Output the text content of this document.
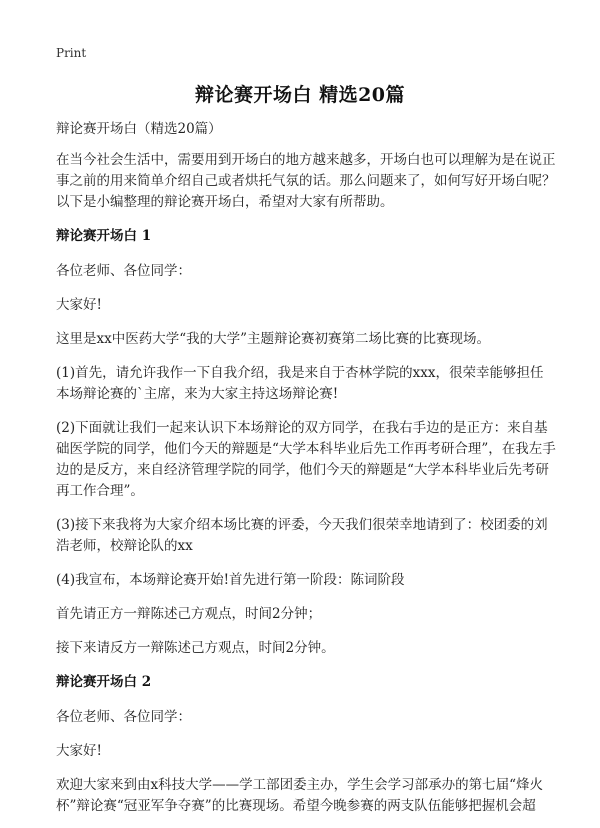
Print
辩论赛开场白 精选20篇

辩论赛开场白（精选20篇）

在当今社会生活中，需要用到开场白的地方越来越多，开场白也可以理解为是在说正事之前的用来简单介绍自己或者烘托气氛的话。那么问题来了，如何写好开场白呢？以下是小编整理的辩论赛开场白，希望对大家有所帮助。

辩论赛开场白 1

各位老师、各位同学：

大家好!

这里是xx中医药大学“我的大学”主题辩论赛初赛第二场比赛的比赛现场。

(1)首先，请允许我作一下自我介绍，我是来自于杏林学院的xxx，很荣幸能够担任本场辩论赛的`主席，来为大家主持这场辩论赛!

(2)下面就让我们一起来认识下本场辩论的双方同学，在我右手边的是正方：来自基础医学院的同学，他们今天的辩题是“大学本科毕业后先工作再考研合理”，在我左手边的是反方，来自经济管理学院的同学，他们今天的辩题是“大学本科毕业后先考研再工作合理”。

(3)接下来我将为大家介绍本场比赛的评委，今天我们很荣幸地请到了：校团委的刘浩老师，校辩论队的xx

(4)我宣布，本场辩论赛开始!首先进行第一阶段：陈词阶段

首先请正方一辩陈述己方观点，时间2分钟；

接下来请反方一辩陈述己方观点，时间2分钟。

辩论赛开场白 2

各位老师、各位同学：

大家好!

欢迎大家来到由x科技大学——学工部团委主办，学生会学习部承办的第七届“烽火杯”辩论赛“冠亚军争夺赛”的比赛现场。希望今晚参赛的两支队伍能够把握机会超
